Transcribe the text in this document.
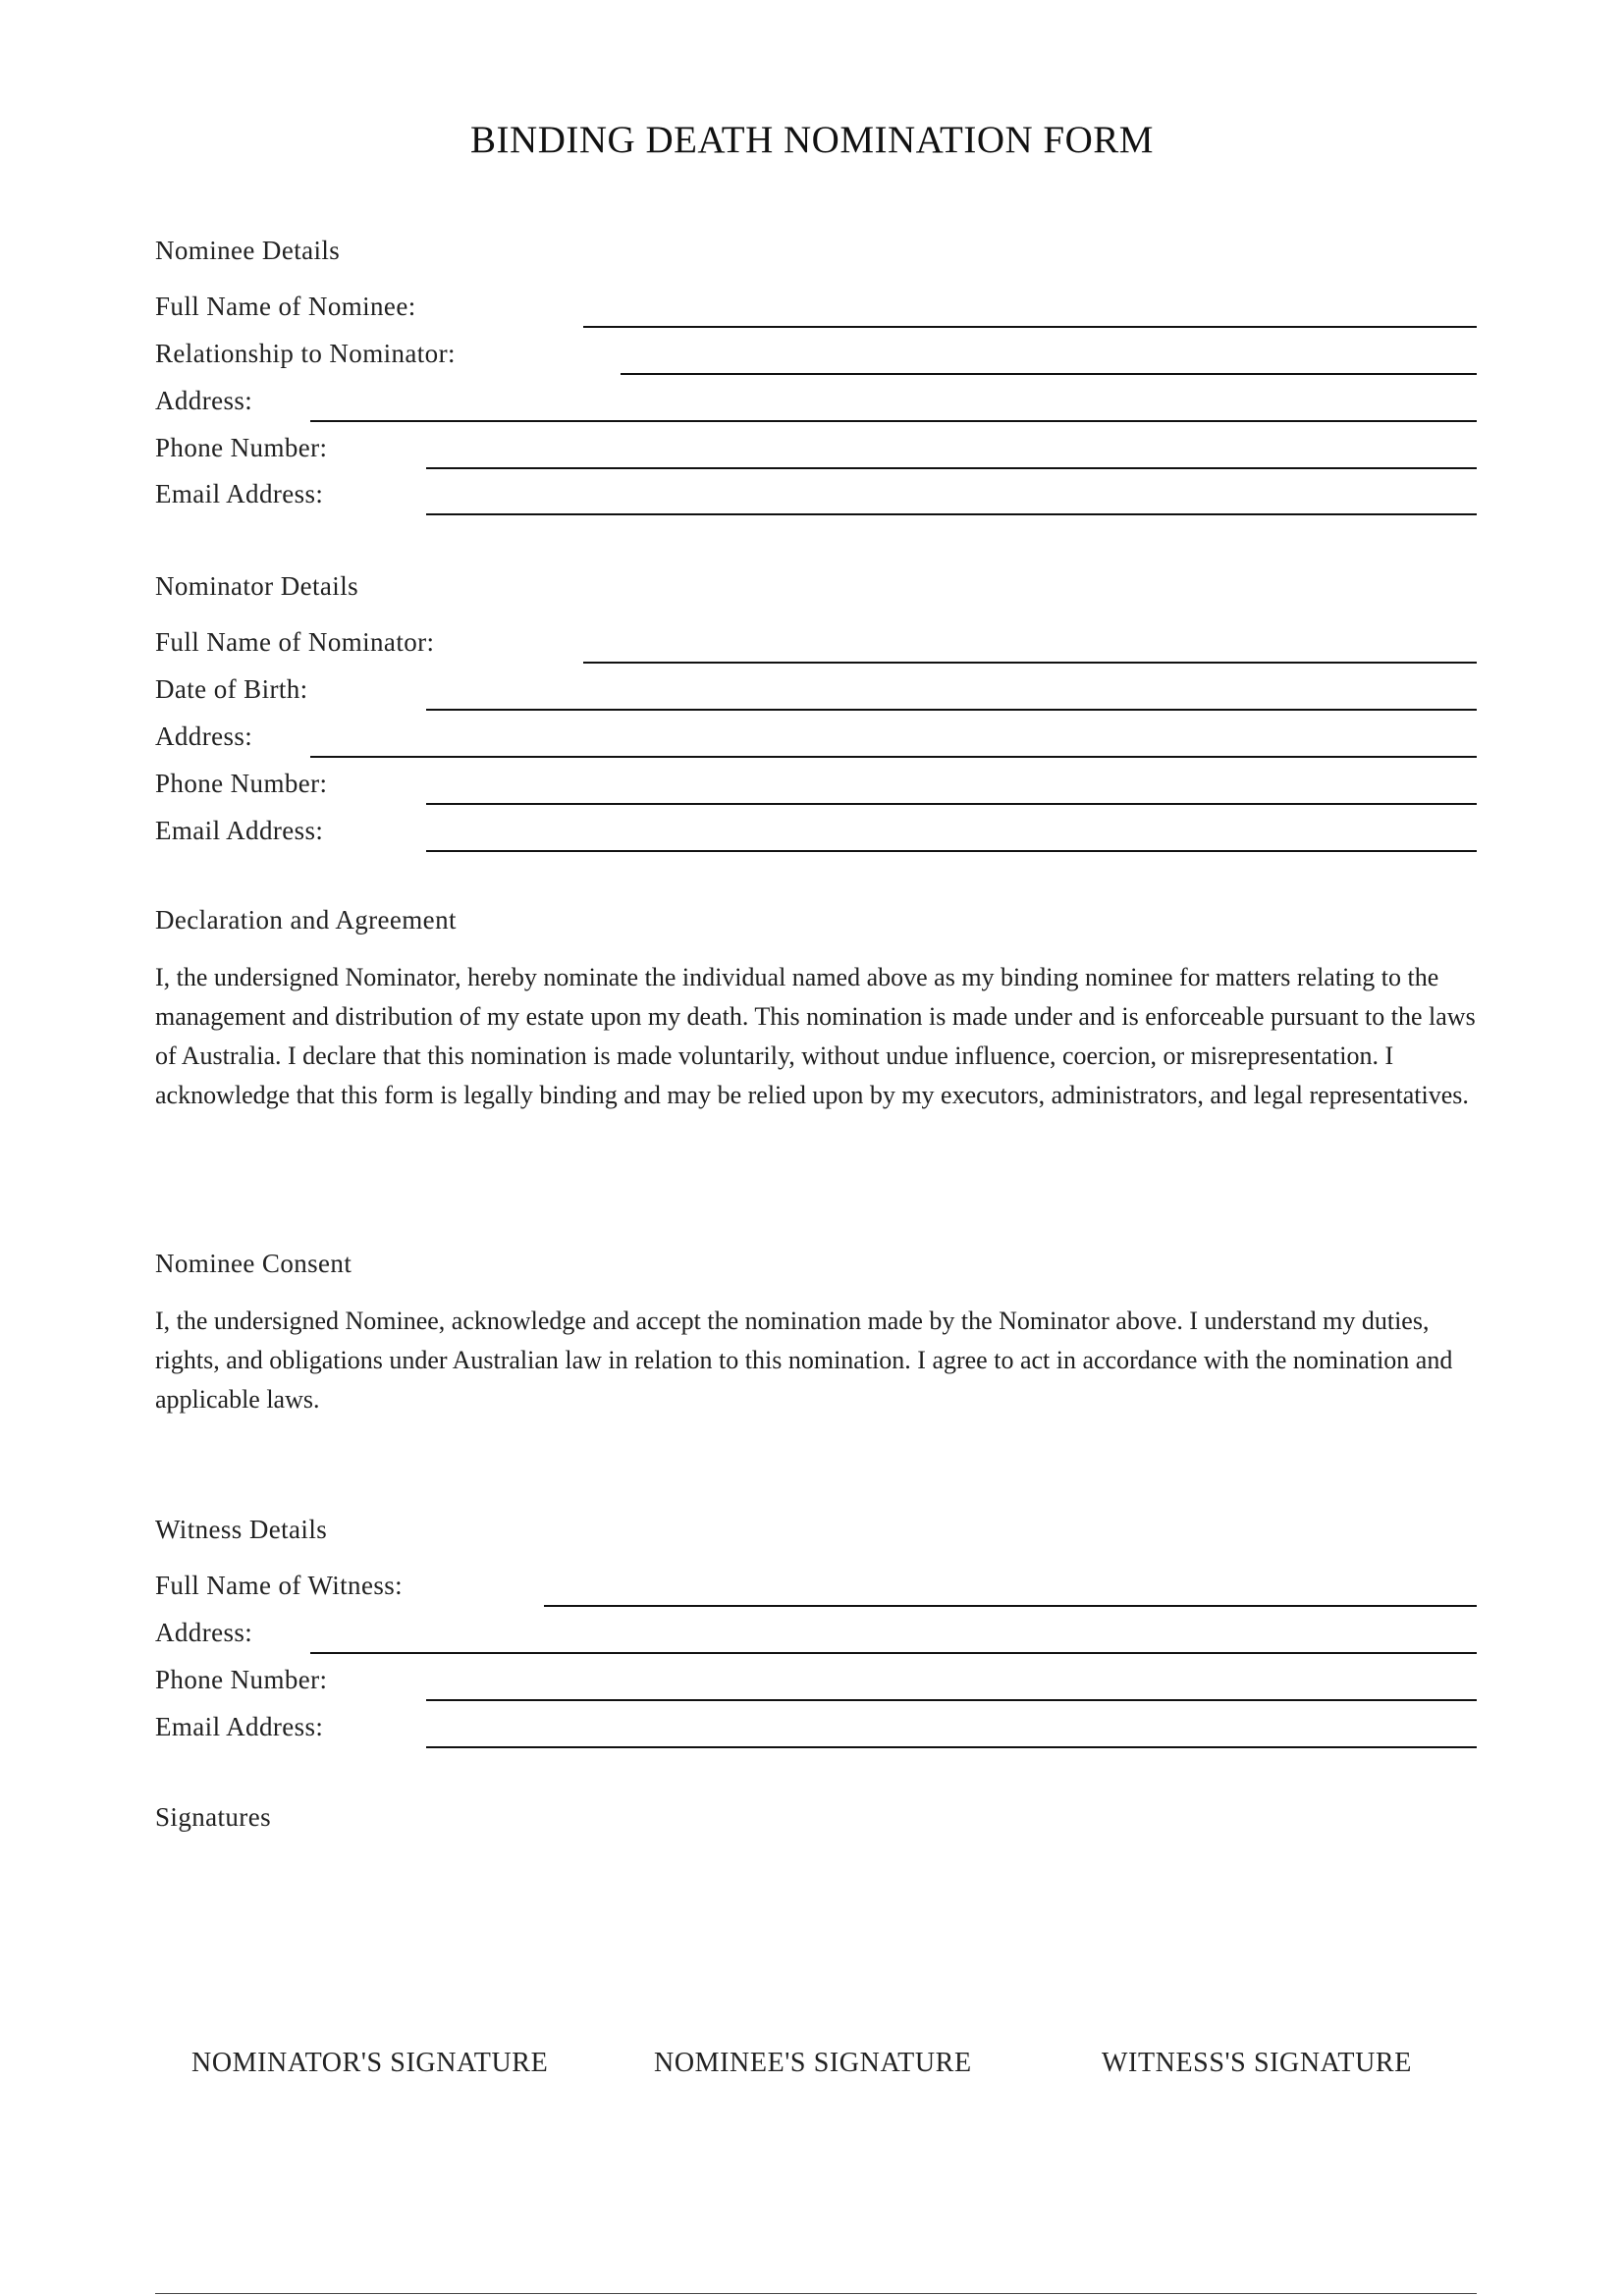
BINDING DEATH NOMINATION FORM
Nominee Details
Full Name of Nominee:
Relationship to Nominator:
Address:
Phone Number:
Email Address:
Nominator Details
Full Name of Nominator:
Date of Birth:
Address:
Phone Number:
Email Address:
Declaration and Agreement
I, the undersigned Nominator, hereby nominate the individual named above as my binding nominee for matters relating to the management and distribution of my estate upon my death. This nomination is made under and is enforceable pursuant to the laws of Australia. I declare that this nomination is made voluntarily, without undue influence, coercion, or misrepresentation. I acknowledge that this form is legally binding and may be relied upon by my executors, administrators, and legal representatives.
Nominee Consent
I, the undersigned Nominee, acknowledge and accept the nomination made by the Nominator above. I understand my duties, rights, and obligations under Australian law in relation to this nomination. I agree to act in accordance with the nomination and applicable laws.
Witness Details
Full Name of Witness:
Address:
Phone Number:
Email Address:
Signatures
NOMINATOR'S SIGNATURE	NOMINEE'S SIGNATURE	WITNESS'S SIGNATURE
